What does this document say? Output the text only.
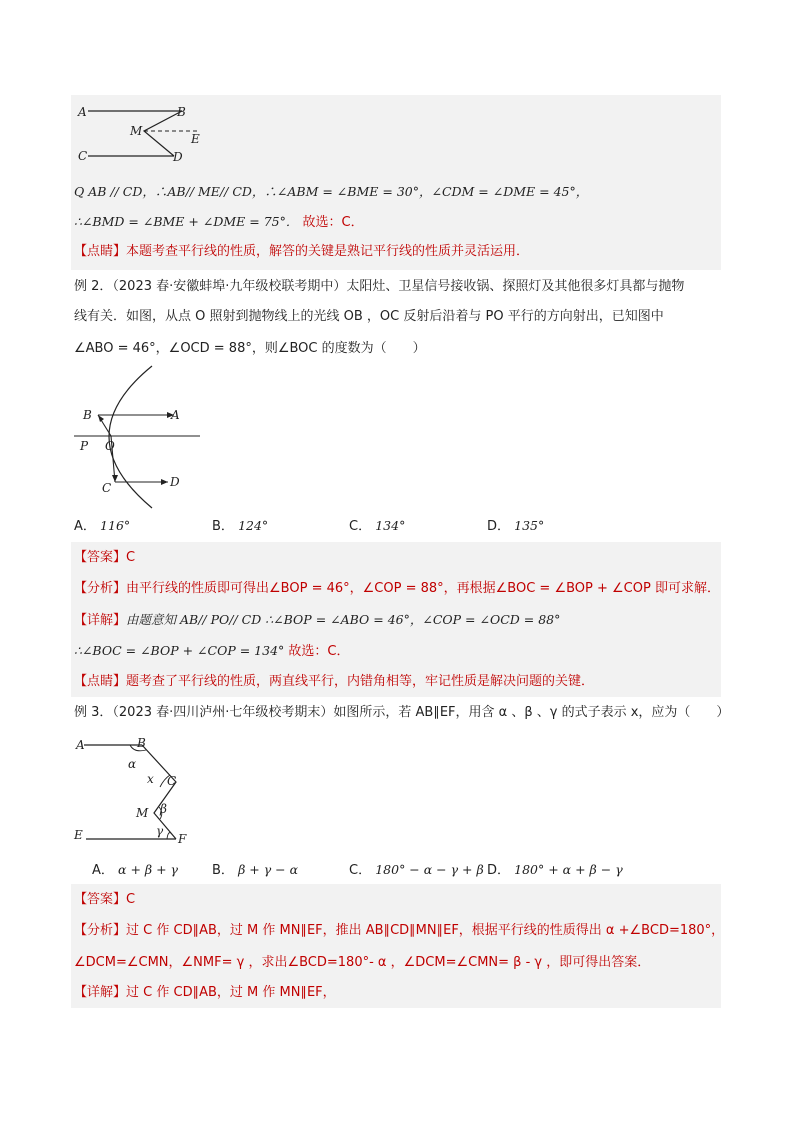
A	B
M
E
C	D
Q AB // CD，∴AB// ME// CD，∴∠ABM = ∠BME = 30°，∠CDM = ∠DME = 45°，
∴∠BMD = ∠BME + ∠DME = 75°． 故选：C．
【点睛】本题考查平行线的性质，解答的关键是熟记平行线的性质并灵活运用．
例 2．（2023 春·安徽蚌埠·九年级校联考期中）太阳灶、卫星信号接收锅、探照灯及其他很多灯具都与抛物
线有关．如图，从点 O 照射到抛物线上的光线 OB ，OC 反射后沿着与 PO 平行的方向射出，已知图中
∠ABO = 46°，∠OCD = 88°，则∠BOC 的度数为（　　）
B	A
P O
C	D
A． 116°	B． 124°	C． 134°	D． 135°
【答案】C
【分析】由平行线的性质即可得出∠BOP = 46°，∠COP = 88°，再根据∠BOC = ∠BOP + ∠COP 即可求解．
【详解】由题意知 AB// PO// CD ∴∠BOP = ∠ABO = 46°，∠COP = ∠OCD = 88°
∴∠BOC = ∠BOP + ∠COP = 134° 故选：C．
【点睛】题考查了平行线的性质，两直线平行，内错角相等，牢记性质是解决问题的关键．
例 3．（2023 春·四川泸州·七年级校考期末）如图所示，若 AB∥EF，用含 α 、β 、γ 的式子表示 x，应为（　　）
A	B
α
x C
M β
E	γ
F
A． α + β + γ	B． β + γ − α	C． 180° − α − γ + β D． 180° + α + β − γ
【答案】C
【分析】过 C 作 CD∥AB，过 M 作 MN∥EF，推出 AB∥CD∥MN∥EF，根据平行线的性质得出 α +∠BCD=180°，
∠DCM=∠CMN，∠NMF= γ ，求出∠BCD=180°- α ，∠DCM=∠CMN= β - γ ，即可得出答案．
【详解】过 C 作 CD∥AB，过 M 作 MN∥EF，
